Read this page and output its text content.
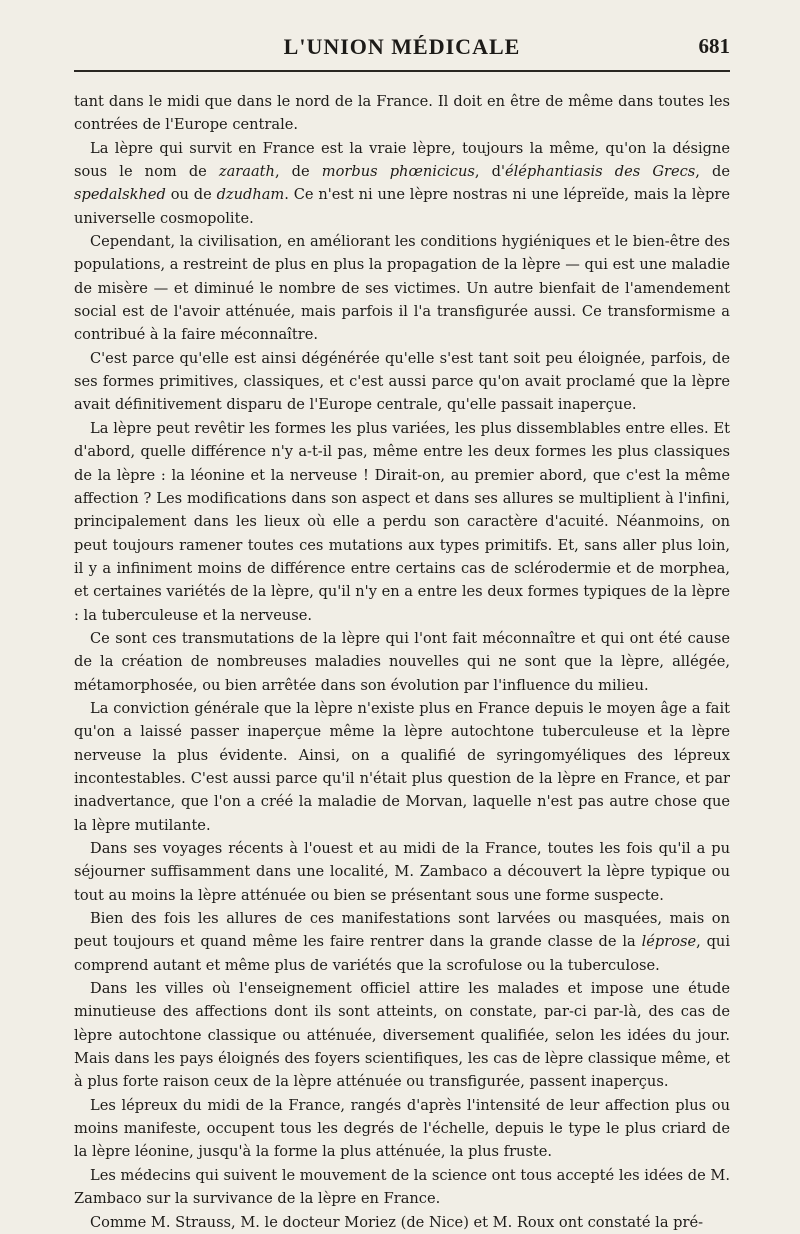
L'UNION MÉDICALE	681

tant dans le midi que dans le nord de la France. Il doit en être de même dans toutes les contrées de l'Europe centrale.

La lèpre qui survit en France est la vraie lèpre, toujours la même, qu'on la désigne sous le nom de zaraath, de morbus phœnicicus, d'éléphantiasis des Grecs, de spedalskhed ou de dzudham. Ce n'est ni une lèpre nostras ni une lépreïde, mais la lèpre universelle cosmopolite.

Cependant, la civilisation, en améliorant les conditions hygiéniques et le bien-être des populations, a restreint de plus en plus la propagation de la lèpre — qui est une maladie de misère — et diminué le nombre de ses victimes. Un autre bienfait de l'amendement social est de l'avoir atténuée, mais parfois il l'a transfigurée aussi. Ce transformisme a contribué à la faire méconnaître.

C'est parce qu'elle est ainsi dégénérée qu'elle s'est tant soit peu éloignée, parfois, de ses formes primitives, classiques, et c'est aussi parce qu'on avait proclamé que la lèpre avait définitivement disparu de l'Europe centrale, qu'elle passait inaperçue.

La lèpre peut revêtir les formes les plus variées, les plus dissemblables entre elles. Et d'abord, quelle différence n'y a-t-il pas, même entre les deux formes les plus classiques de la lèpre : la léonine et la nerveuse ! Dirait-on, au premier abord, que c'est la même affection ? Les modifications dans son aspect et dans ses allures se multiplient à l'infini, principalement dans les lieux où elle a perdu son caractère d'acuité. Néanmoins, on peut toujours ramener toutes ces mutations aux types primitifs. Et, sans aller plus loin, il y a infiniment moins de différence entre certains cas de sclérodermie et de morphea, et certaines variétés de la lèpre, qu'il n'y en a entre les deux formes typiques de la lèpre : la tuberculeuse et la nerveuse.

Ce sont ces transmutations de la lèpre qui l'ont fait méconnaître et qui ont été cause de la création de nombreuses maladies nouvelles qui ne sont que la lèpre, allégée, métamorphosée, ou bien arrêtée dans son évolution par l'influence du milieu.

La conviction générale que la lèpre n'existe plus en France depuis le moyen âge a fait qu'on a laissé passer inaperçue même la lèpre autochtone tuberculeuse et la lèpre nerveuse la plus évidente. Ainsi, on a qualifié de syringomyéliques des lépreux incontestables. C'est aussi parce qu'il n'était plus question de la lèpre en France, et par inadvertance, que l'on a créé la maladie de Morvan, laquelle n'est pas autre chose que la lèpre mutilante.

Dans ses voyages récents à l'ouest et au midi de la France, toutes les fois qu'il a pu séjourner suffisamment dans une localité, M. Zambaco a découvert la lèpre typique ou tout au moins la lèpre atténuée ou bien se présentant sous une forme suspecte.

Bien des fois les allures de ces manifestations sont larvées ou masquées, mais on peut toujours et quand même les faire rentrer dans la grande classe de la léprose, qui comprend autant et même plus de variétés que la scrofulose ou la tuberculose.

Dans les villes où l'enseignement officiel attire les malades et impose une étude minutieuse des affections dont ils sont atteints, on constate, par-ci par-là, des cas de lèpre autochtone classique ou atténuée, diversement qualifiée, selon les idées du jour. Mais dans les pays éloignés des foyers scientifiques, les cas de lèpre classique même, et à plus forte raison ceux de la lèpre atténuée ou transfigurée, passent inaperçus.

Les lépreux du midi de la France, rangés d'après l'intensité de leur affection plus ou moins manifeste, occupent tous les degrés de l'échelle, depuis le type le plus criard de la lèpre léonine, jusqu'à la forme la plus atténuée, la plus fruste.

Les médecins qui suivent le mouvement de la science ont tous accepté les idées de M. Zambaco sur la survivance de la lèpre en France.

Comme M. Strauss, M. le docteur Moriez (de Nice) et M. Roux ont constaté la pré-
